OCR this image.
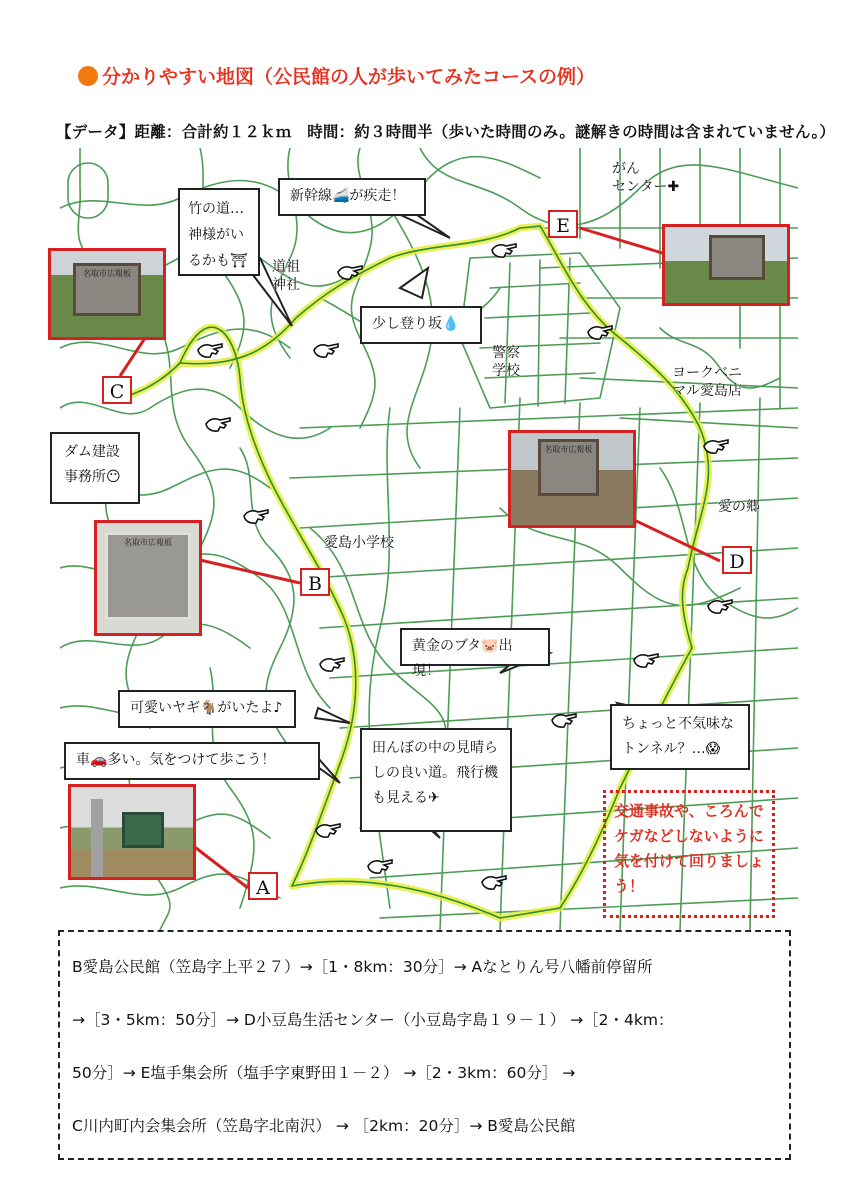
分かりやすい地図（公民館の人が歩いてみたコースの例）
【データ】距離：合計約１２ｋｍ　時間：約３時間半（歩いた時間のみ。謎解きの時間は含まれていません。）
新幹線🚄が疾走！
竹の道…神様がいるかも⛩
少し登り坂💧
ダム建設事務所😶
黄金のブタ🐷出現！
可愛いヤギ🐐がいたよ♪
車🚗多い。気をつけて歩こう！
田んぼの中の見晴らしの良い道。飛行機も見える✈
ちょっと不気味なトンネル？…😱
がん
センター✚
道祖
神社
警察
学校	ヨークベニ
マル愛島店
愛の郷
愛島小学校
名取市広報板
名取市広報板
名取市広報板
C
B
A
D
E
交通事故や、ころんでケガなどしないように気を付けて回りましょう！

B愛島公民館（笠島字上平２７）→［1・8km：30分］→ Aなとりん号八幡前停留所

→［3・5km：50分］→ D小豆島生活センター（小豆島字島１９－１） →［2・4km：

50分］→ E塩手集会所（塩手字東野田１－２） →［2・3km：60分］ →

C川内町内会集会所（笠島字北南沢） → ［2km：20分］→ B愛島公民館
